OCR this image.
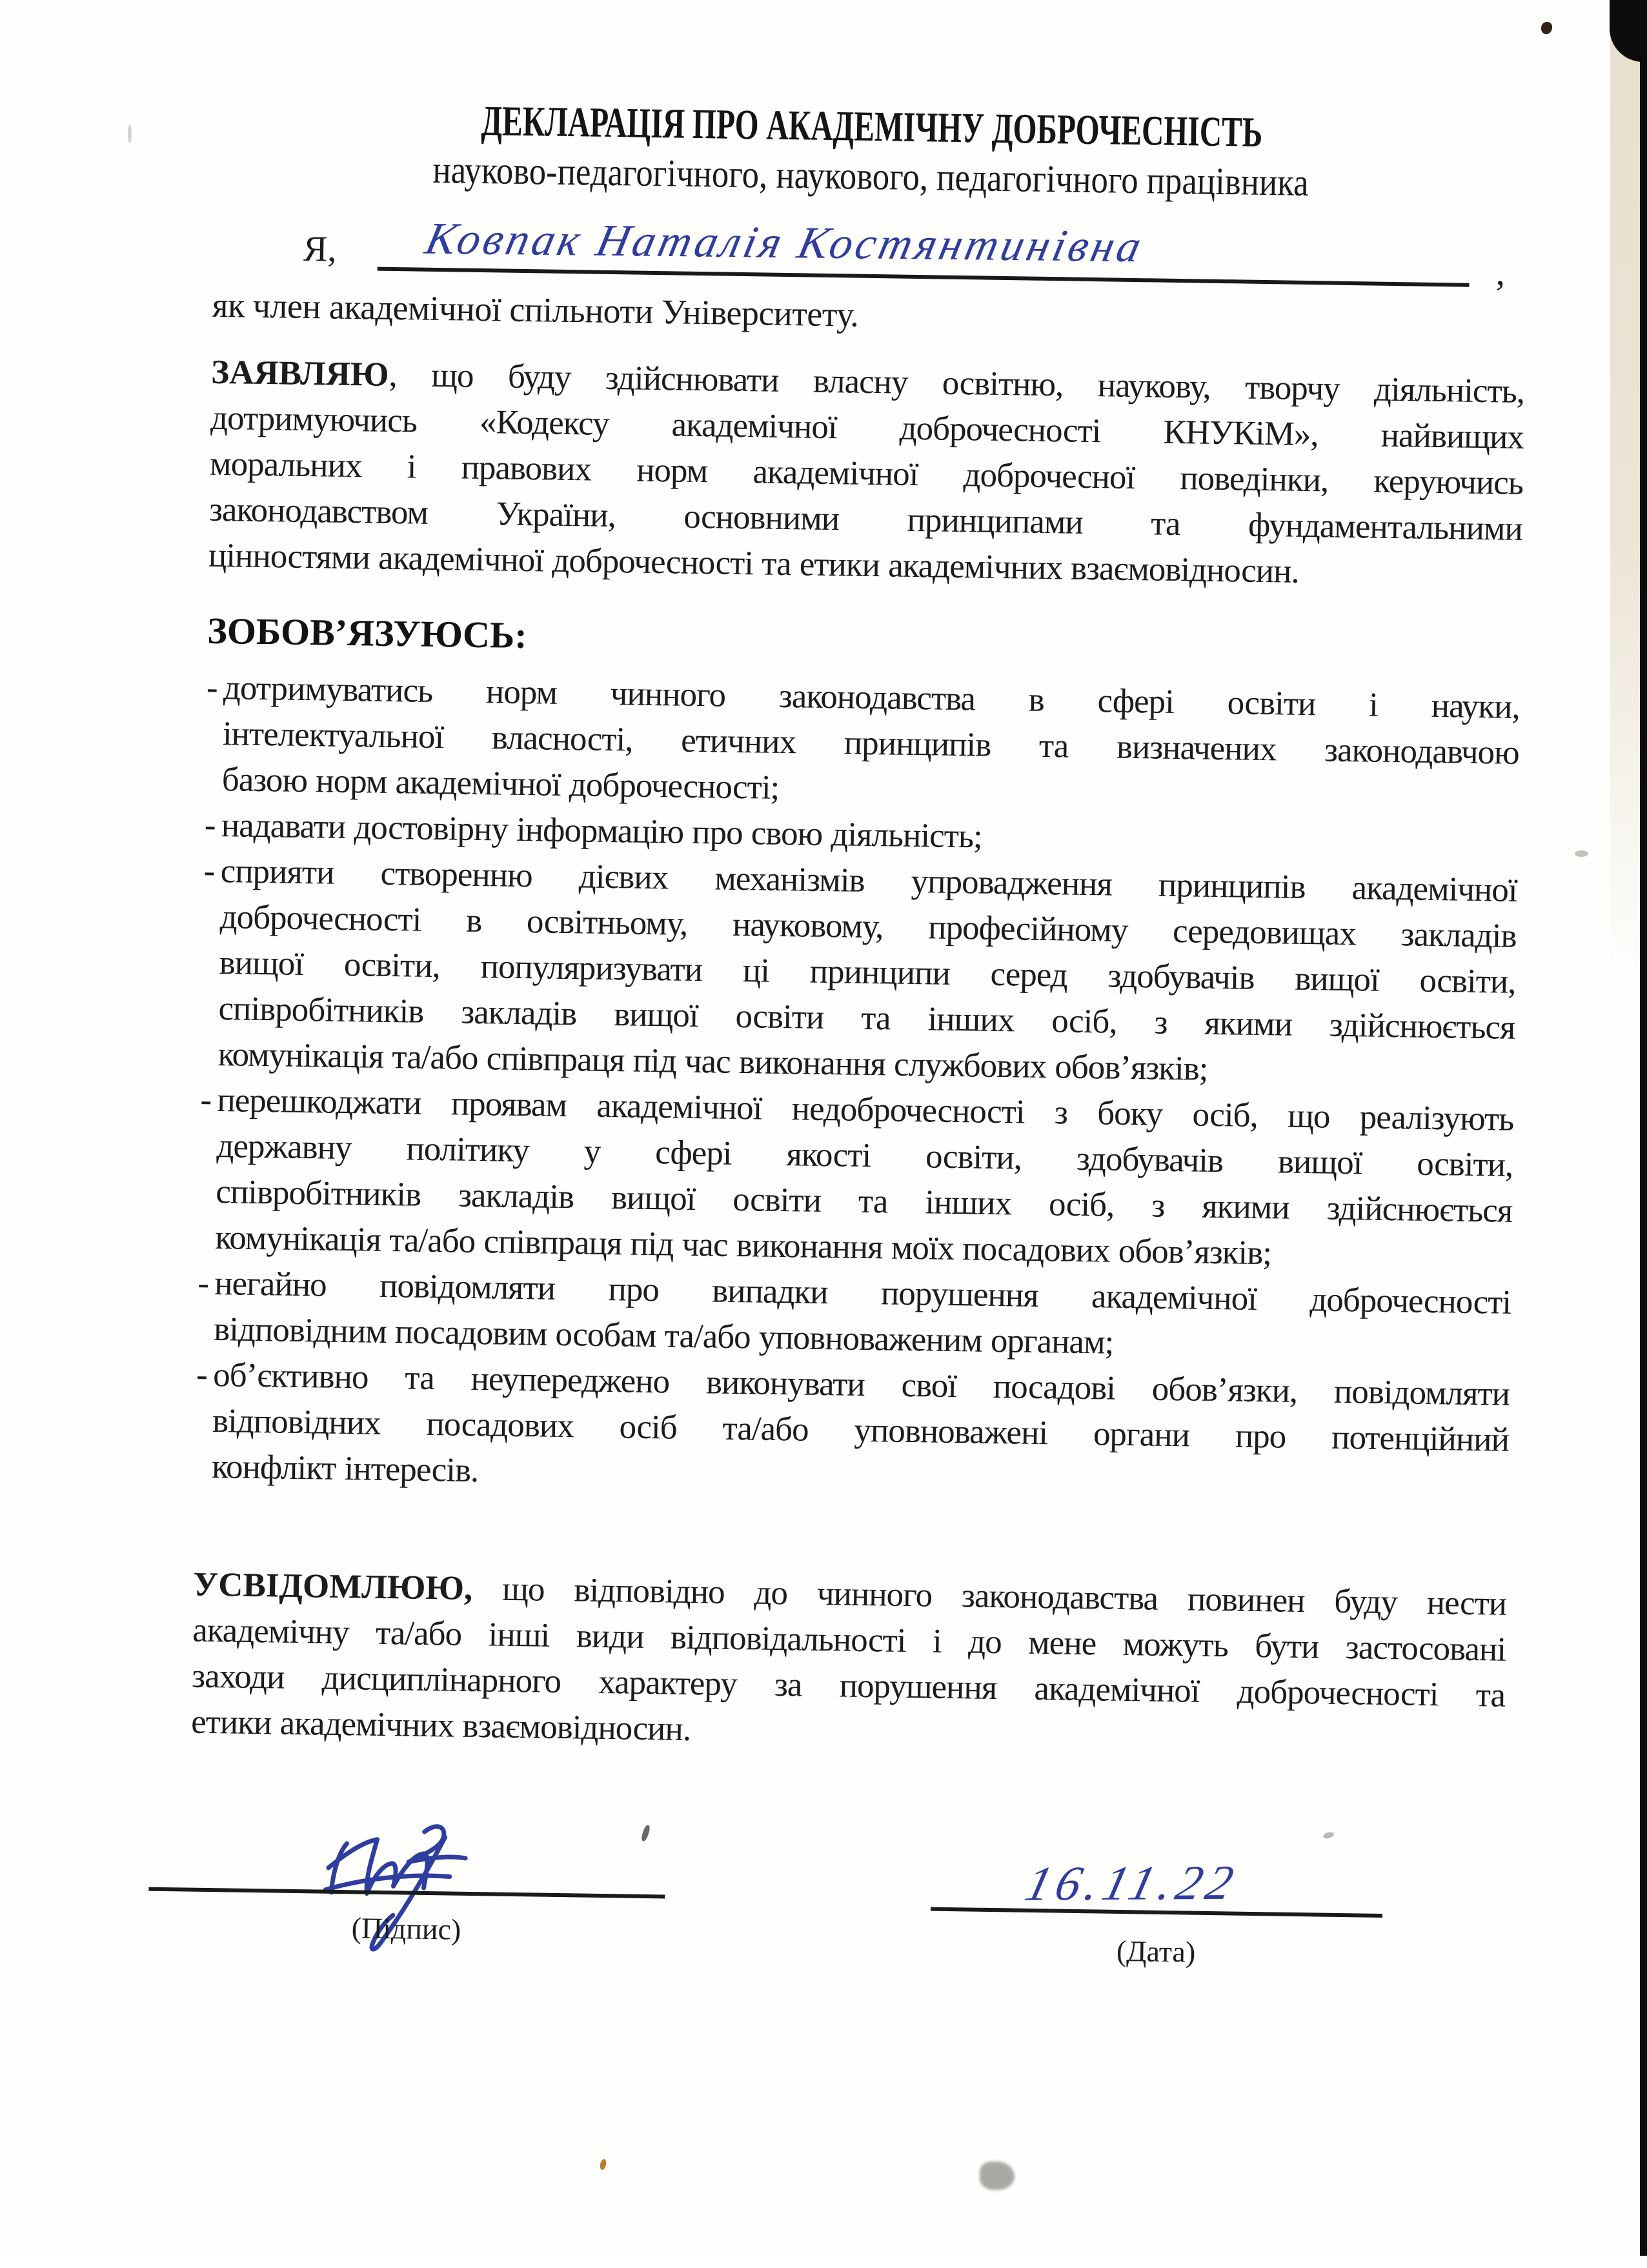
ДЕКЛАРАЦІЯ ПРО АКАДЕМІЧНУ ДОБРОЧЕСНІСТЬ
науково-педагогічного, наукового, педагогічного працівника
Я, Ковпак Наталія Костянтинівна
,
як член академічної спільноти Університету.

ЗАЯВЛЯЮ, що буду здійснювати власну освітню, наукову, творчу діяльність,
дотримуючись «Кодексу академічної доброчесності КНУКіМ», найвищих
моральних і правових норм академічної доброчесної поведінки, керуючись
законодавством України, основними принципами та фундаментальними
цінностями академічної доброчесності та етики академічних взаємовідносин.

ЗОБОВ’ЯЗУЮСЬ:
- дотримуватись норм чинного законодавства в сфері освіти і науки,
інтелектуальної власності, етичних принципів та визначених законодавчою
базою норм академічної доброчесності;
- надавати достовірну інформацію про свою діяльність;
- сприяти створенню дієвих механізмів упровадження принципів академічної
доброчесності в освітньому, науковому, професійному середовищах закладів
вищої освіти, популяризувати ці принципи серед здобувачів вищої освіти,
співробітників закладів вищої освіти та інших осіб, з якими здійснюється
комунікація та/або співпраця під час виконання службових обов’язків;
- перешкоджати проявам академічної недоброчесності з боку осіб, що реалізують
державну політику у сфері якості освіти, здобувачів вищої освіти,
співробітників закладів вищої освіти та інших осіб, з якими здійснюється
комунікація та/або співпраця під час виконання моїх посадових обов’язків;
- негайно повідомляти про випадки порушення академічної доброчесності
відповідним посадовим особам та/або уповноваженим органам;
- об’єктивно та неупереджено виконувати свої посадові обов’язки, повідомляти
відповідних посадових осіб та/або уповноважені органи про потенційний
конфлікт інтересів.

УСВІДОМЛЮЮ, що відповідно до чинного законодавства повинен буду нести
академічну та/або інші види відповідальності і до мене можуть бути застосовані
заходи дисциплінарного характеру за порушення академічної доброчесності та
етики академічних взаємовідносин.

(Підпис)
16.11.22
(Дата)
